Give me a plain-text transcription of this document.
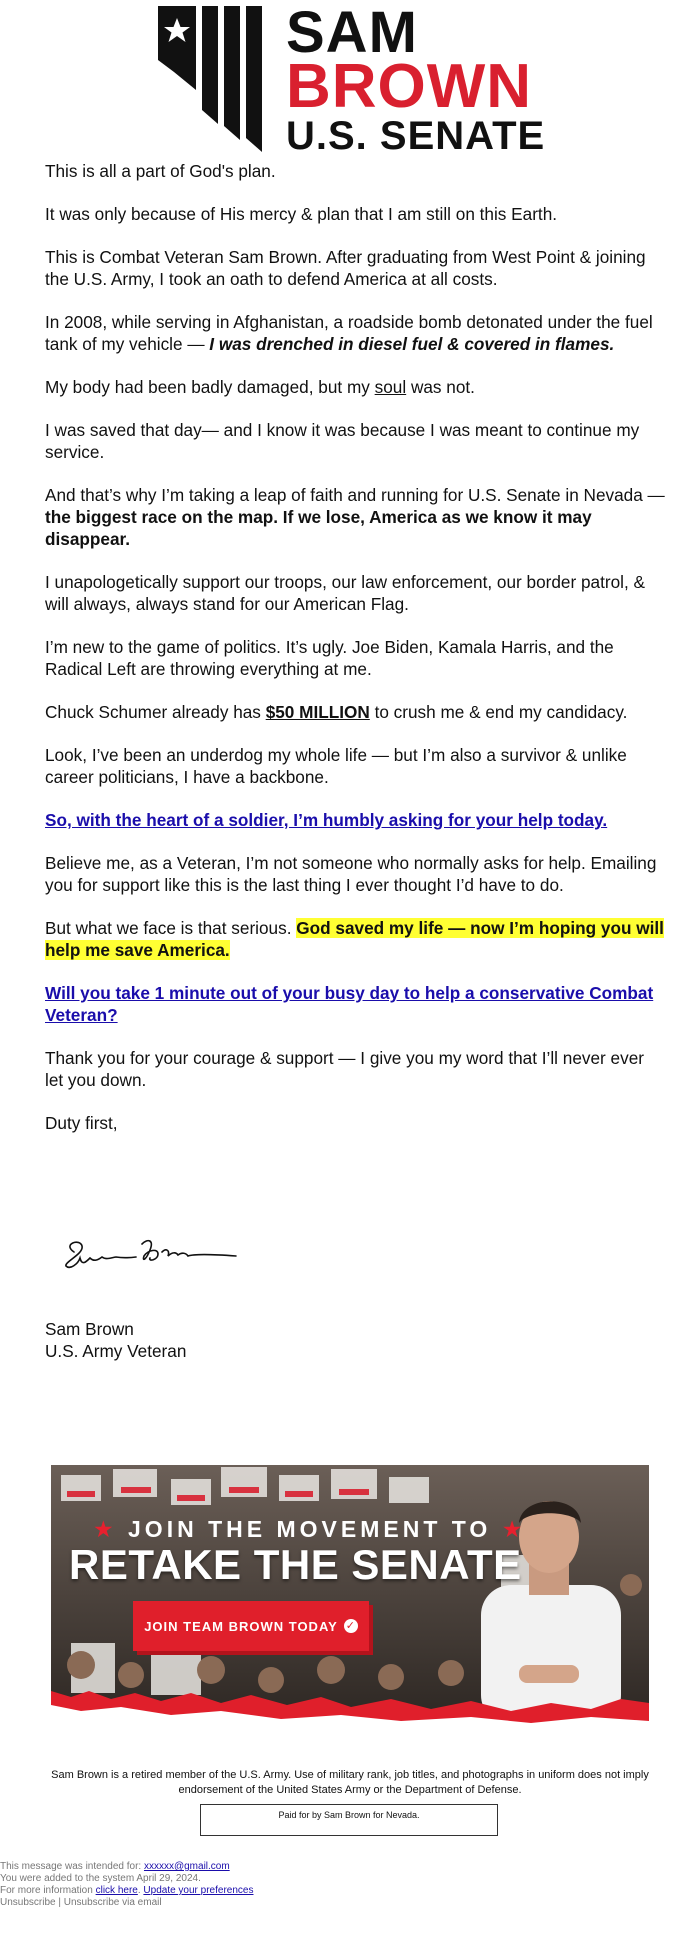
SAM
BROWN
U.S. SENATE

This is all a part of God's plan.

It was only because of His mercy & plan that I am still on this Earth.

This is Combat Veteran Sam Brown. After graduating from West Point & joining the U.S. Army, I took an oath to defend America at all costs.

In 2008, while serving in Afghanistan, a roadside bomb detonated under the fuel tank of my vehicle — I was drenched in diesel fuel & covered in flames.

My body had been badly damaged, but my soul was not.

I was saved that day— and I know it was because I was meant to continue my service.

And that’s why I’m taking a leap of faith and running for U.S. Senate in Nevada — the biggest race on the map. If we lose, America as we know it may disappear.

I unapologetically support our troops, our law enforcement, our border patrol, & will always, always stand for our American Flag.

I’m new to the game of politics. It’s ugly. Joe Biden, Kamala Harris, and the Radical Left are throwing everything at me.

Chuck Schumer already has $50 MILLION to crush me & end my candidacy.

Look, I’ve been an underdog my whole life — but I’m also a survivor & unlike career politicians, I have a backbone.

So, with the heart of a soldier, I’m humbly asking for your help today.

Believe me, as a Veteran, I’m not someone who normally asks for help. Emailing you for support like this is the last thing I ever thought I’d have to do.

But what we face is that serious. God saved my life — now I’m hoping you will help me save America.

Will you take 1 minute out of your busy day to help a conservative Combat Veteran?

Thank you for your courage & support — I give you my word that I’ll never ever let you down.

Duty first,

Sam Brown
U.S. Army Veteran
★ JOIN THE MOVEMENT TO ★
RETAKE THE SENATE
JOIN TEAM BROWN TODAY ✓
Sam Brown is a retired member of the U.S. Army. Use of military rank, job titles, and photographs in uniform does not imply endorsement of the United States Army or the Department of Defense.
Paid for by Sam Brown for Nevada.
This message was intended for: xxxxxx@gmail.com
You were added to the system April 29, 2024.
For more information click here. Update your preferences
Unsubscribe | Unsubscribe via email
